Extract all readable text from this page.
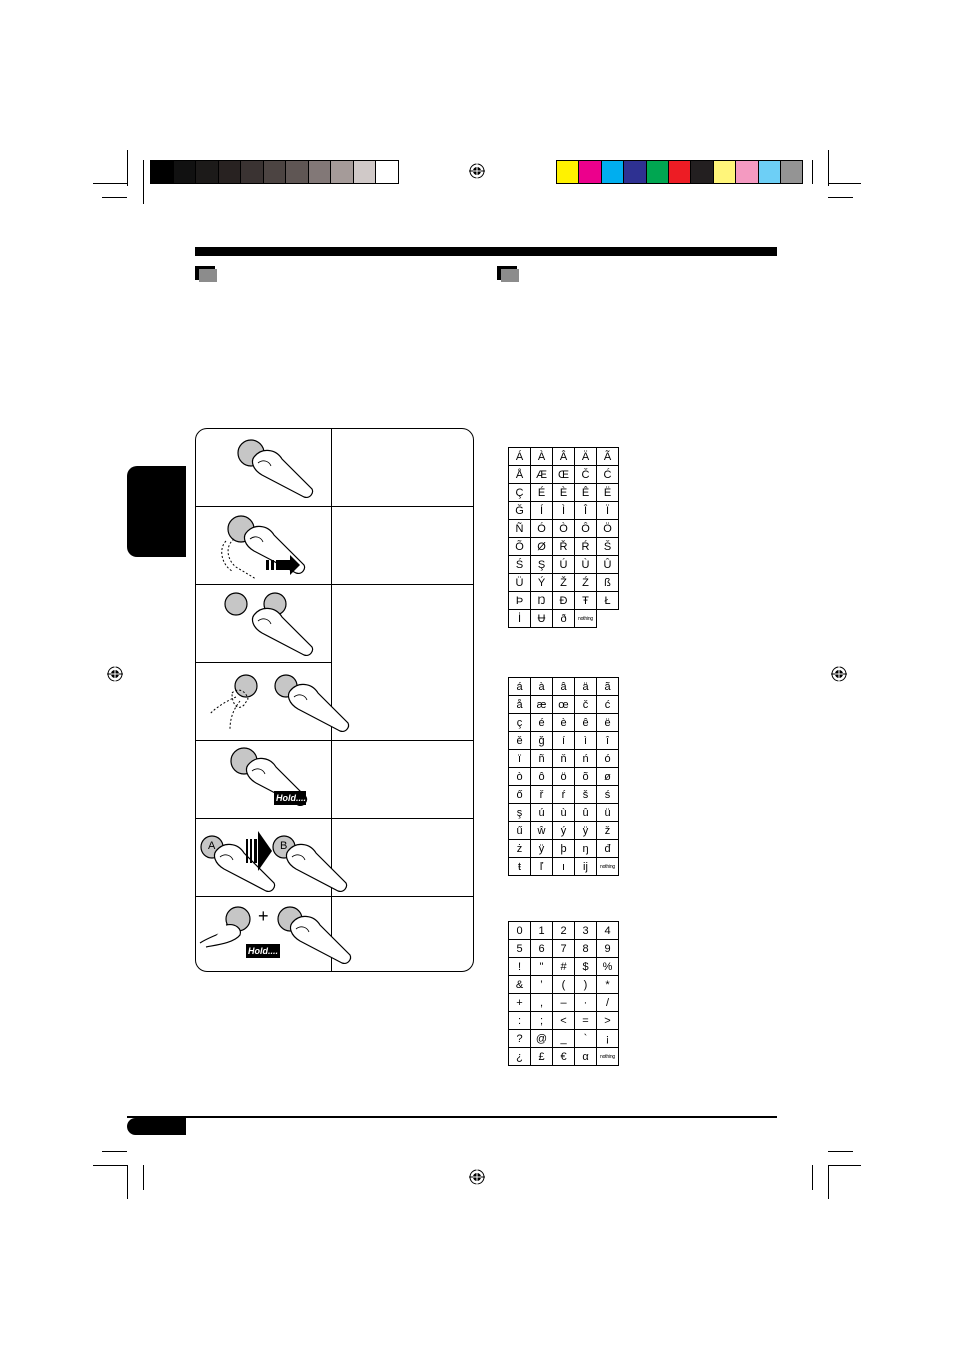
Hold....
A	B
+
Hold....
Á	À	Â	Ä	Ã
Å	Æ	Œ	Č	Ć
Ç	É	È	Ê	Ë
Ğ	Í	Ì	Î	Ï
Ñ	Ó	Ò	Ô	Ö
Õ	Ø	Ř	Ŕ	Š
Ś	Ş	Ú	Ù	Û
Ü	Ý	Ž	Ź	ß
Þ	Ŋ	Đ	Ŧ	Ł
İ	Ʉ	ð	nothing	
á	à	â	ä	ã
å	æ	œ	č	ć
ç	é	è	ê	ë
ě	ğ	í	ì	î
ï	ñ	ň	ń	ó
ò	ô	ö	õ	ø
ő	ř	ŕ	š	ś
ş	ú	ù	û	ü
ű	ŵ	ý	ÿ	ž
ż	ÿ	þ	ŋ	đ
ŧ	ľ	ı	ij	nothing
0	1	2	3	4
5	6	7	8	9
!	"	#	$	%
&	’	(	)	*
+	,	–	·	/
:	;	<	=	>
?	@	_	`	¡
¿	£	€	α	nothing
